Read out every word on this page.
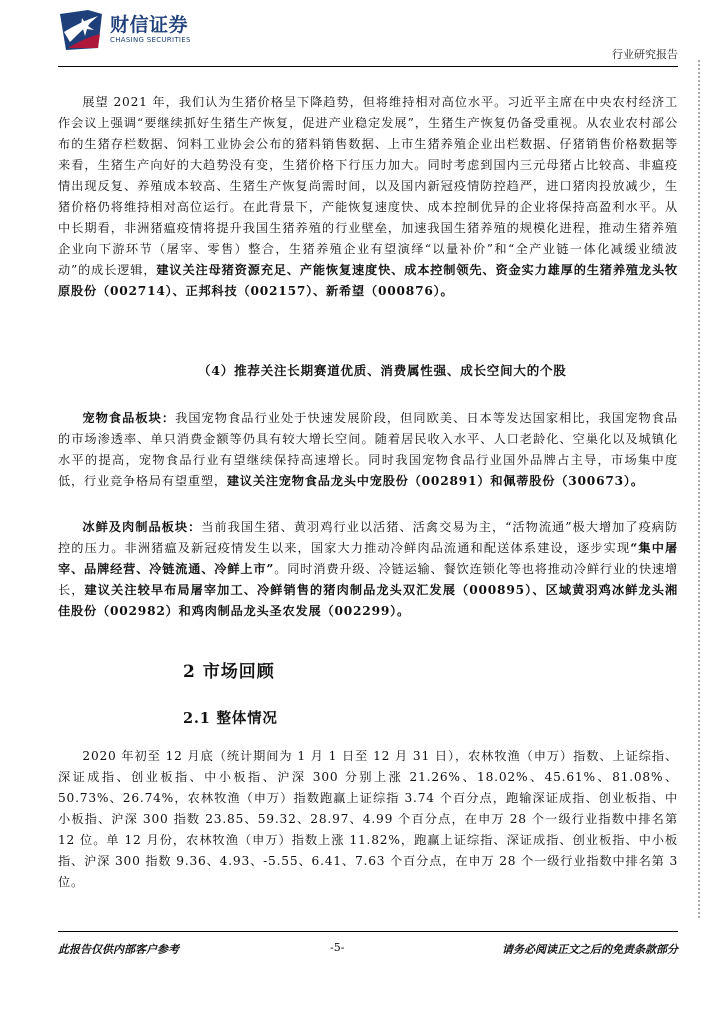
财信证券
CHASING SECURITIES
行业研究报告

展望 2021 年，我们认为生猪价格呈下降趋势，但将维持相对高位水平。习近平主席在中央农村经济工作会议上强调“要继续抓好生猪生产恢复，促进产业稳定发展”，生猪生产恢复仍备受重视。从农业农村部公布的生猪存栏数据、饲料工业协会公布的猪料销售数据、上市生猪养殖企业出栏数据、仔猪销售价格数据等来看，生猪生产向好的大趋势没有变，生猪价格下行压力加大。同时考虑到国内三元母猪占比较高、非瘟疫情出现反复、养殖成本较高、生猪生产恢复尚需时间，以及国内新冠疫情防控趋严，进口猪肉投放减少，生猪价格仍将维持相对高位运行。在此背景下，产能恢复速度快、成本控制优异的企业将保持高盈利水平。从中长期看，非洲猪瘟疫情将提升我国生猪养殖的行业壁垒，加速我国生猪养殖的规模化进程，推动生猪养殖企业向下游环节（屠宰、零售）整合，生猪养殖企业有望演绎“以量补价”和“全产业链一体化减缓业绩波动”的成长逻辑，建议关注母猪资源充足、产能恢复速度快、成本控制领先、资金实力雄厚的生猪养殖龙头牧原股份（002714）、正邦科技（002157）、新希望（000876）。

（4）推荐关注长期赛道优质、消费属性强、成长空间大的个股

宠物食品板块：我国宠物食品行业处于快速发展阶段，但同欧美、日本等发达国家相比，我国宠物食品的市场渗透率、单只消费金额等仍具有较大增长空间。随着居民收入水平、人口老龄化、空巢化以及城镇化水平的提高，宠物食品行业有望继续保持高速增长。同时我国宠物食品行业国外品牌占主导，市场集中度低，行业竞争格局有望重塑，建议关注宠物食品龙头中宠股份（002891）和佩蒂股份（300673）。

冰鲜及肉制品板块：当前我国生猪、黄羽鸡行业以活猪、活禽交易为主，“活物流通”极大增加了疫病防控的压力。非洲猪瘟及新冠疫情发生以来，国家大力推动冷鲜肉品流通和配送体系建设，逐步实现“集中屠宰、品牌经营、冷链流通、冷鲜上市”。同时消费升级、冷链运输、餐饮连锁化等也将推动冷鲜行业的快速增长，建议关注较早布局屠宰加工、冷鲜销售的猪肉制品龙头双汇发展（000895）、区域黄羽鸡冰鲜龙头湘佳股份（002982）和鸡肉制品龙头圣农发展（002299）。

2 市场回顾
2.1 整体情况

2020 年初至 12 月底（统计期间为 1 月 1 日至 12 月 31 日），农林牧渔（申万）指数、上证综指、深证成指、创业板指、中小板指、沪深 300 分别上涨 21.26%、18.02%、45.61%、81.08%、50.73%、26.74%，农林牧渔（申万）指数跑赢上证综指 3.74 个百分点，跑输深证成指、创业板指、中小板指、沪深 300 指数 23.85、59.32、28.97、4.99 个百分点，在申万 28 个一级行业指数中排名第 12 位。单 12 月份，农林牧渔（申万）指数上涨 11.82%，跑赢上证综指、深证成指、创业板指、中小板指、沪深 300 指数 9.36、4.93、-5.55、6.41、7.63 个百分点，在申万 28 个一级行业指数中排名第 3 位。

此报告仅供内部客户参考	-5-	请务必阅读正文之后的免责条款部分
